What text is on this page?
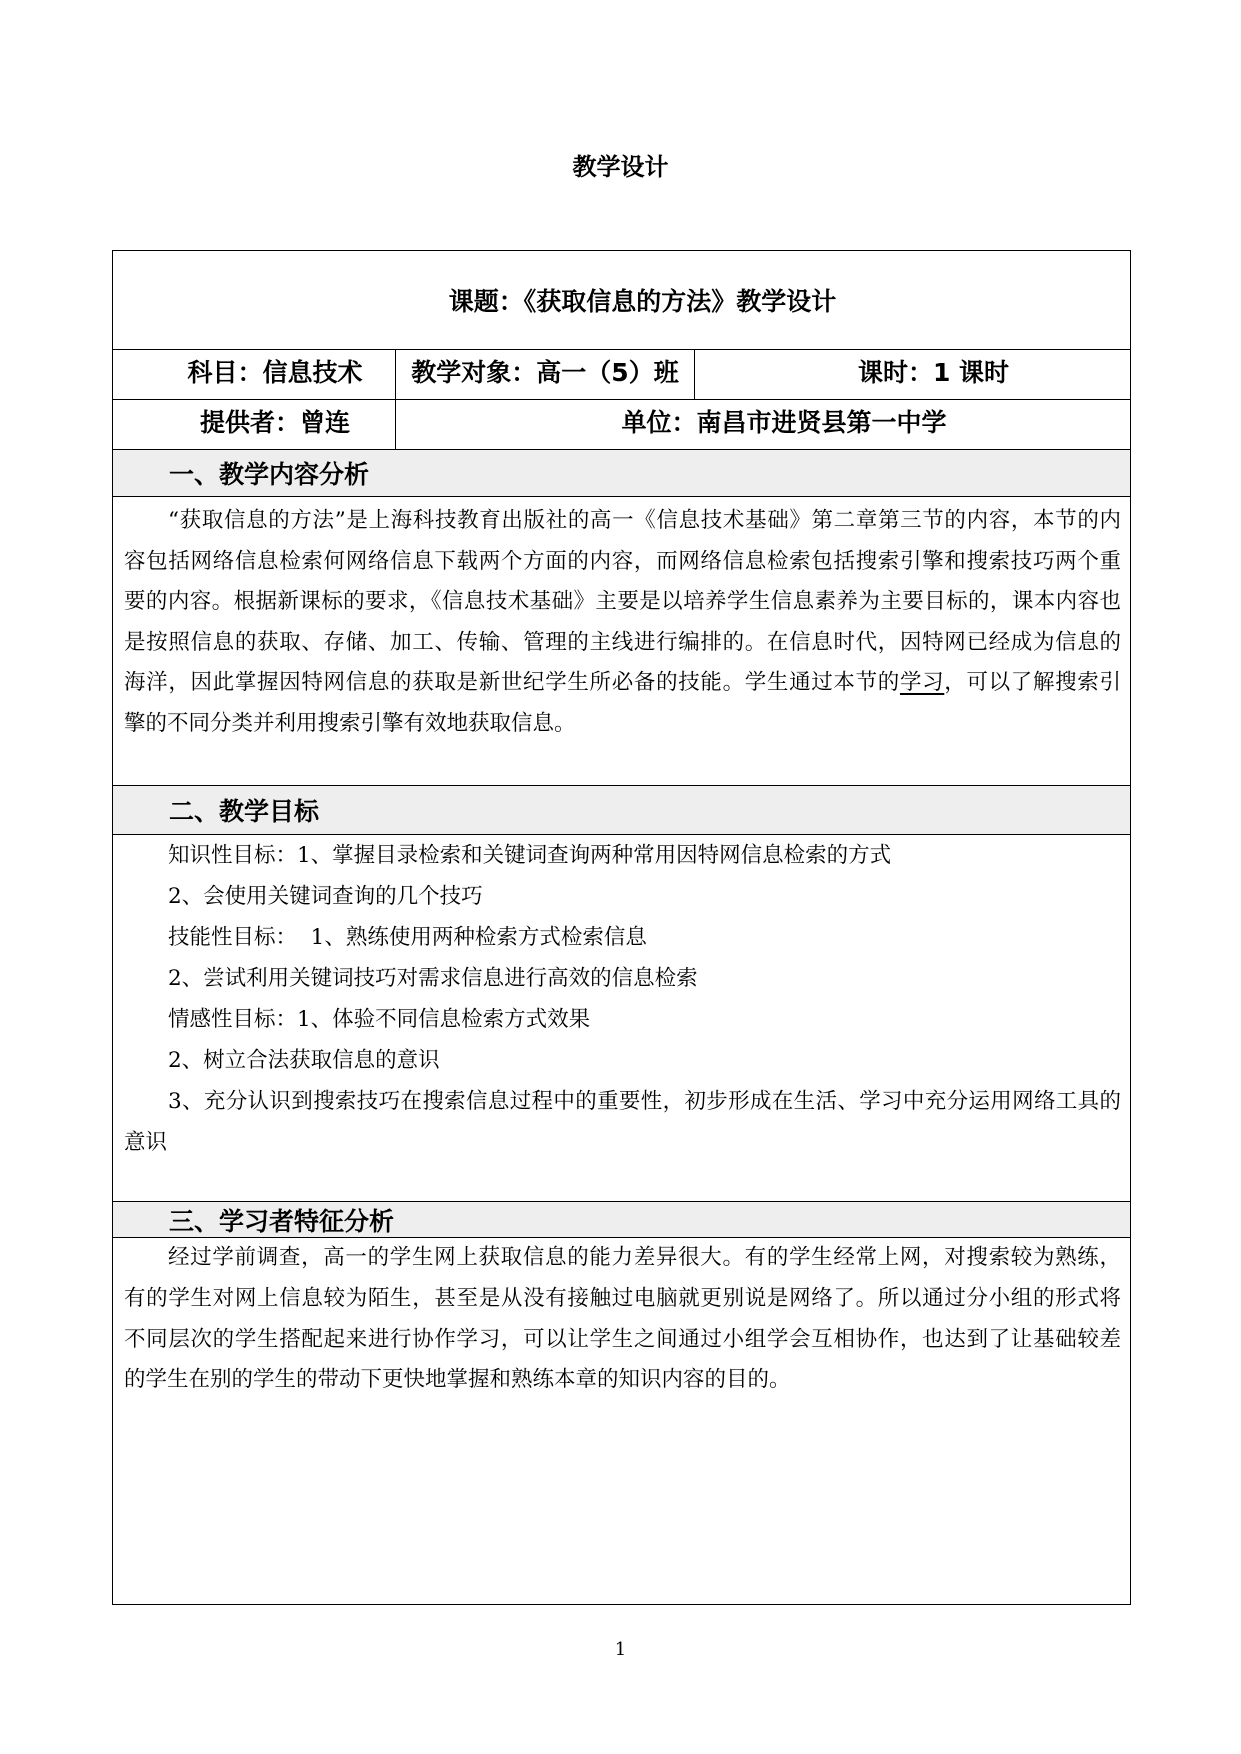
教学设计
课题：《获取信息的方法》教学设计
科目：信息技术	教学对象：高一（5）班	课时：1 课时
提供者：曾连	单位：南昌市进贤县第一中学
一、教学内容分析
“获取信息的方法”是上海科技教育出版社的高一《信息技术基础》第二章第三节的内容，本节的内
容包括网络信息检索何网络信息下载两个方面的内容，而网络信息检索包括搜索引擎和搜索技巧两个重
要的内容。根据新课标的要求，《信息技术基础》主要是以培养学生信息素养为主要目标的，课本内容也
是按照信息的获取、存储、加工、传输、管理的主线进行编排的。在信息时代，因特网已经成为信息的
海洋，因此掌握因特网信息的获取是新世纪学生所必备的技能。学生通过本节的学习，可以了解搜索引
擎的不同分类并利用搜索引擎有效地获取信息。
二、教学目标
知识性目标：1、掌握目录检索和关键词查询两种常用因特网信息检索的方式
2、会使用关键词查询的几个技巧
技能性目标：  1、熟练使用两种检索方式检索信息
2、尝试利用关键词技巧对需求信息进行高效的信息检索
情感性目标：1、体验不同信息检索方式效果
2、树立合法获取信息的意识
3、充分认识到搜索技巧在搜索信息过程中的重要性，初步形成在生活、学习中充分运用网络工具的
意识
三、学习者特征分析
经过学前调查，高一的学生网上获取信息的能力差异很大。有的学生经常上网，对搜索较为熟练，
有的学生对网上信息较为陌生，甚至是从没有接触过电脑就更别说是网络了。所以通过分小组的形式将
不同层次的学生搭配起来进行协作学习，可以让学生之间通过小组学会互相协作，也达到了让基础较差
的学生在别的学生的带动下更快地掌握和熟练本章的知识内容的目的。
1
